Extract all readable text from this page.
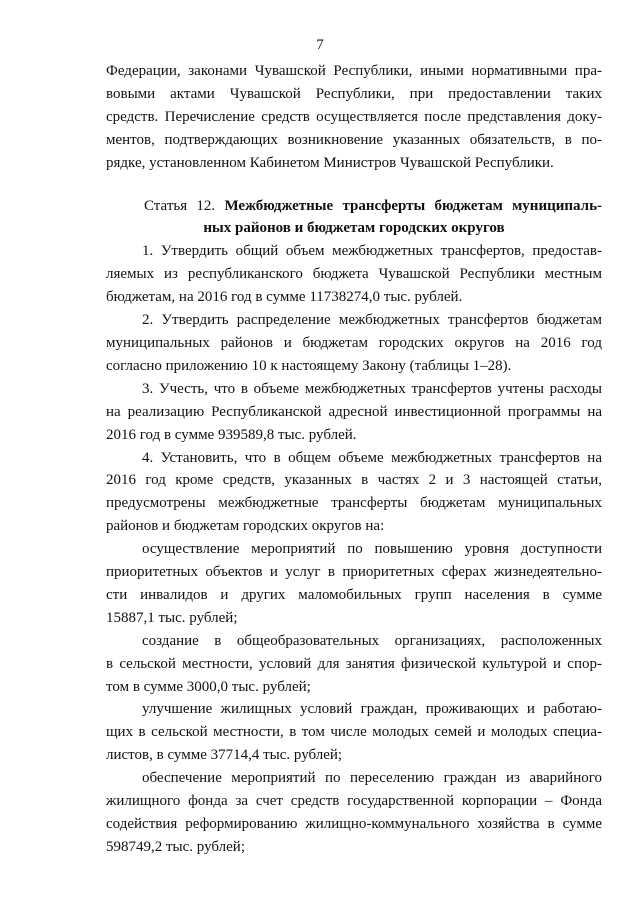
7
Федерации, законами Чувашской Республики, иными нормативными пра-
вовыми актами Чувашской Республики, при предоставлении таких
средств. Перечисление средств осуществляется после представления доку-
ментов, подтверждающих возникновение указанных обязательств, в по-
рядке, установленном Кабинетом Министров Чувашской Республики.
Статья 12. Межбюджетные трансферты бюджетам муниципаль-
ных районов и бюджетам городских округов
1. Утвердить общий объем межбюджетных трансфертов, предостав-
ляемых из республиканского бюджета Чувашской Республики местным
бюджетам, на 2016 год в сумме 11738274,0 тыс. рублей.
2. Утвердить распределение межбюджетных трансфертов бюджетам
муниципальных районов и бюджетам городских округов на 2016 год
согласно приложению 10 к настоящему Закону (таблицы 1–28).
3. Учесть, что в объеме межбюджетных трансфертов учтены расходы
на реализацию Республиканской адресной инвестиционной программы на
2016 год в сумме 939589,8 тыс. рублей.
4. Установить, что в общем объеме межбюджетных трансфертов на
2016 год кроме средств, указанных в частях 2 и 3 настоящей статьи,
предусмотрены межбюджетные трансферты бюджетам муниципальных
районов и бюджетам городских округов на:
осуществление мероприятий по повышению уровня доступности
приоритетных объектов и услуг в приоритетных сферах жизнедеятельно-
сти инвалидов и других маломобильных групп населения в сумме
15887,1 тыс. рублей;
создание в общеобразовательных организациях, расположенных
в сельской местности, условий для занятия физической культурой и спор-
том в сумме 3000,0 тыс. рублей;
улучшение жилищных условий граждан, проживающих и работаю-
щих в сельской местности, в том числе молодых семей и молодых специа-
листов, в сумме 37714,4 тыс. рублей;
обеспечение мероприятий по переселению граждан из аварийного
жилищного фонда за счет средств государственной корпорации – Фонда
содействия реформированию жилищно-коммунального хозяйства в сумме
598749,2 тыс. рублей;
